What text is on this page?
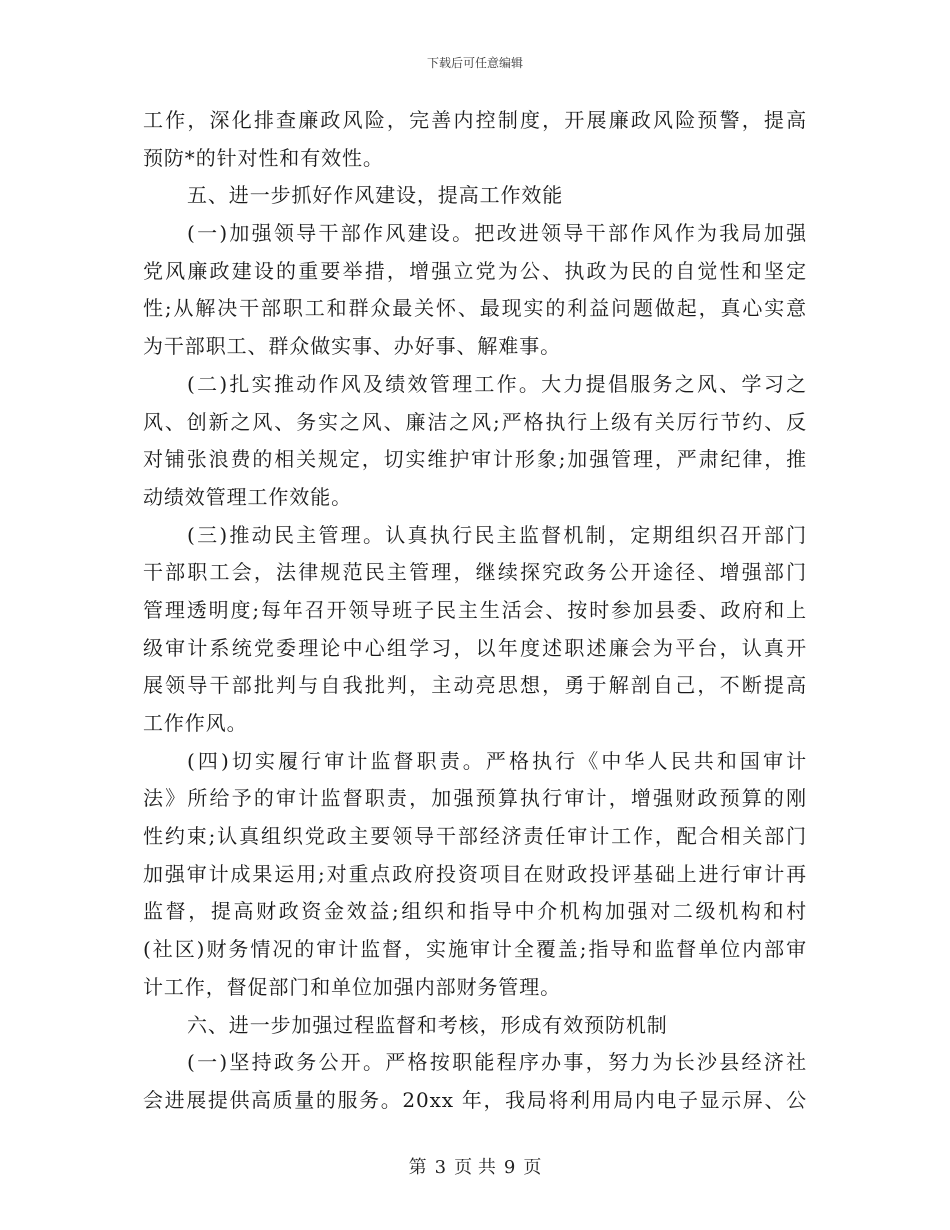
下载后可任意编辑
工作，深化排查廉政风险，完善内控制度，开展廉政风险预警，提高
预防*的针对性和有效性。
五、进一步抓好作风建设，提高工作效能
(一)加强领导干部作风建设。把改进领导干部作风作为我局加强
党风廉政建设的重要举措，增强立党为公、执政为民的自觉性和坚定
性;从解决干部职工和群众最关怀、最现实的利益问题做起，真心实意
为干部职工、群众做实事、办好事、解难事。
(二)扎实推动作风及绩效管理工作。大力提倡服务之风、学习之
风、创新之风、务实之风、廉洁之风;严格执行上级有关厉行节约、反
对铺张浪费的相关规定，切实维护审计形象;加强管理，严肃纪律，推
动绩效管理工作效能。
(三)推动民主管理。认真执行民主监督机制，定期组织召开部门
干部职工会，法律规范民主管理，继续探究政务公开途径、增强部门
管理透明度;每年召开领导班子民主生活会、按时参加县委、政府和上
级审计系统党委理论中心组学习，以年度述职述廉会为平台，认真开
展领导干部批判与自我批判，主动亮思想，勇于解剖自己，不断提高
工作作风。
(四)切实履行审计监督职责。严格执行《中华人民共和国审计
法》所给予的审计监督职责，加强预算执行审计，增强财政预算的刚
性约束;认真组织党政主要领导干部经济责任审计工作，配合相关部门
加强审计成果运用;对重点政府投资项目在财政投评基础上进行审计再
监督，提高财政资金效益;组织和指导中介机构加强对二级机构和村
(社区)财务情况的审计监督，实施审计全覆盖;指导和监督单位内部审
计工作，督促部门和单位加强内部财务管理。
六、进一步加强过程监督和考核，形成有效预防机制
(一)坚持政务公开。严格按职能程序办事，努力为长沙县经济社
会进展提供高质量的服务。20xx 年，我局将利用局内电子显示屏、公
第 3 页 共 9 页
